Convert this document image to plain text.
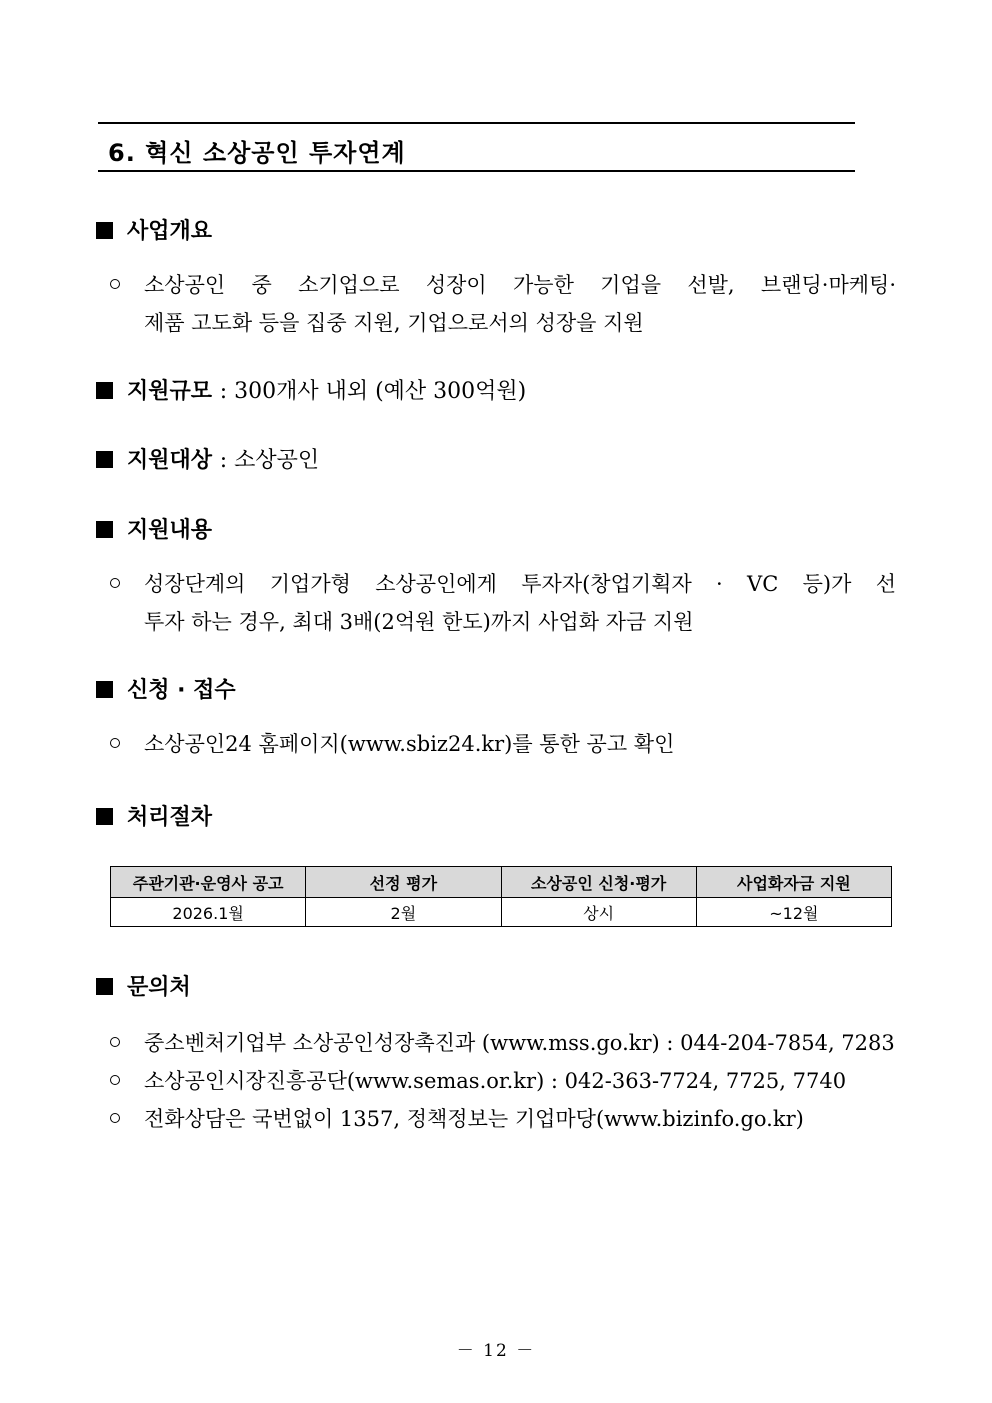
6. 혁신 소상공인 투자연계
사업개요
소상공인 중 소기업으로 성장이 가능한 기업을 선발, 브랜딩·마케팅·
제품 고도화 등을 집중 지원, 기업으로서의 성장을 지원
지원규모 : 300개사 내외 (예산 300억원)
지원대상 : 소상공인
지원내용
성장단계의 기업가형 소상공인에게 투자자(창업기획자 · VC 등)가 선
투자 하는 경우, 최대 3배(2억원 한도)까지 사업화 자금 지원
신청 · 접수
소상공인24 홈페이지(www.sbiz24.kr)를 통한 공고 확인
처리절차
주관기관·운영사 공고	선정 평가	소상공인 신청·평가	사업화자금 지원
2026.1월	2월	상시	~12월
문의처
중소벤처기업부 소상공인성장촉진과 (www.mss.go.kr) : 044-204-7854, 7283
소상공인시장진흥공단(www.semas.or.kr) : 042-363-7724, 7725, 7740
전화상담은 국번없이 1357, 정책정보는 기업마당(www.bizinfo.go.kr)
－ 12 －
